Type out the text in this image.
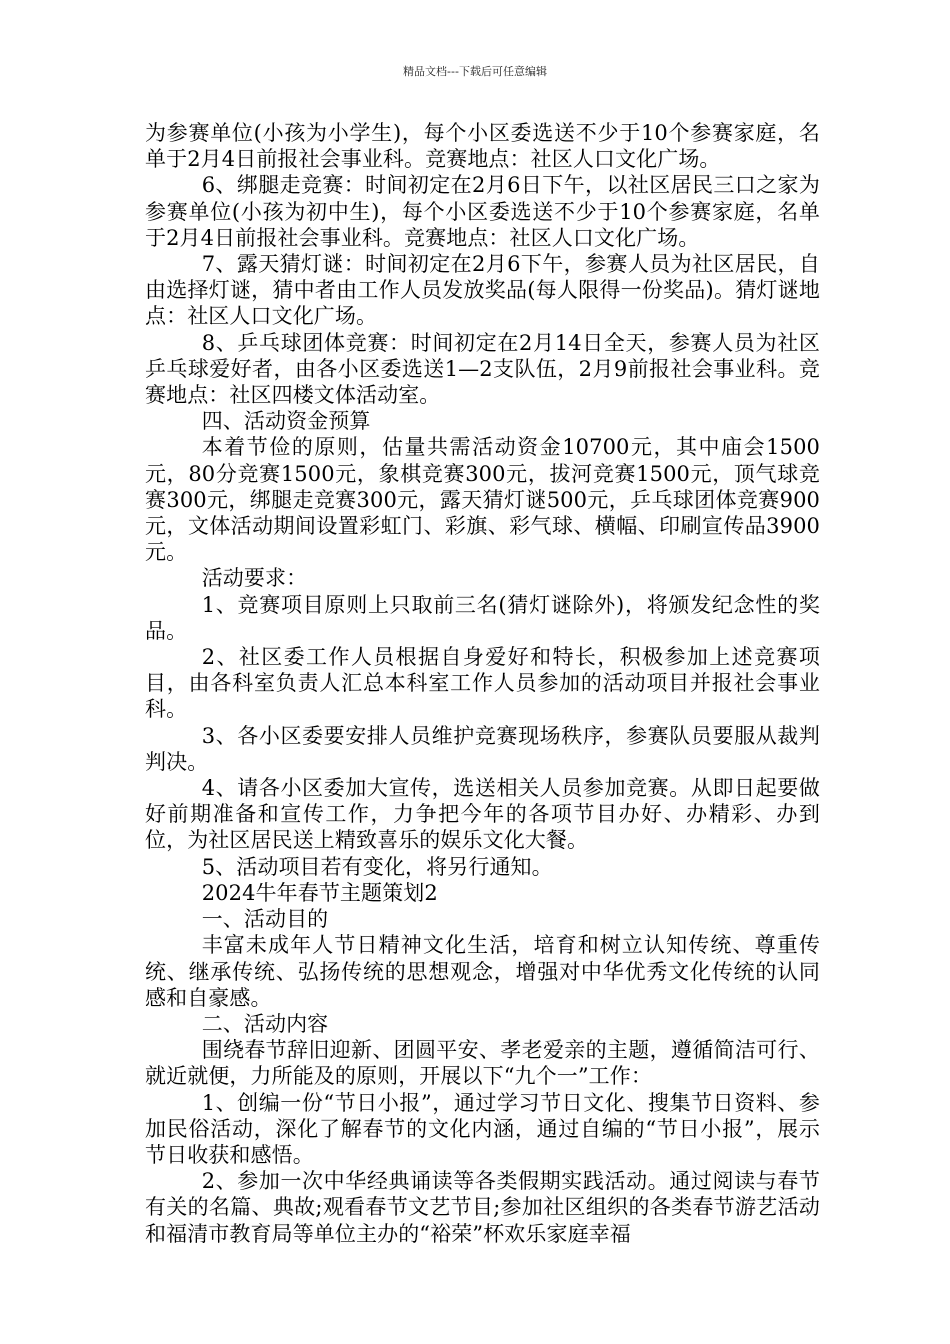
精品文档---下载后可任意编辑

为参赛单位(小孩为小学生)，每个小区委选送不少于10个参赛家庭，名单于2月4日前报社会事业科。竞赛地点：社区人口文化广场。

6、绑腿走竞赛：时间初定在2月6日下午，以社区居民三口之家为参赛单位(小孩为初中生)，每个小区委选送不少于10个参赛家庭，名单于2月4日前报社会事业科。竞赛地点：社区人口文化广场。

7、露天猜灯谜：时间初定在2月6下午，参赛人员为社区居民，自由选择灯谜，猜中者由工作人员发放奖品(每人限得一份奖品)。猜灯谜地点：社区人口文化广场。

8、乒乓球团体竞赛：时间初定在2月14日全天，参赛人员为社区乒乓球爱好者，由各小区委选送1—2支队伍，2月9前报社会事业科。竞赛地点：社区四楼文体活动室。

四、活动资金预算

本着节俭的原则，估量共需活动资金10700元，其中庙会1500元，80分竞赛1500元，象棋竞赛300元，拔河竞赛1500元，顶气球竞赛300元，绑腿走竞赛300元，露天猜灯谜500元，乒乓球团体竞赛900元，文体活动期间设置彩虹门、彩旗、彩气球、横幅、印刷宣传品3900元。

活动要求：

1、竞赛项目原则上只取前三名(猜灯谜除外)，将颁发纪念性的奖品。

2、社区委工作人员根据自身爱好和特长，积极参加上述竞赛项目，由各科室负责人汇总本科室工作人员参加的活动项目并报社会事业科。

3、各小区委要安排人员维护竞赛现场秩序，参赛队员要服从裁判判决。

4、请各小区委加大宣传，选送相关人员参加竞赛。从即日起要做好前期准备和宣传工作，力争把今年的各项节目办好、办精彩、办到位，为社区居民送上精致喜乐的娱乐文化大餐。

5、活动项目若有变化，将另行通知。

2024牛年春节主题策划2

一、活动目的

丰富未成年人节日精神文化生活，培育和树立认知传统、尊重传统、继承传统、弘扬传统的思想观念，增强对中华优秀文化传统的认同感和自豪感。

二、活动内容

围绕春节辞旧迎新、团圆平安、孝老爱亲的主题，遵循简洁可行、就近就便，力所能及的原则，开展以下“九个一”工作：

1、创编一份“节日小报”，通过学习节日文化、搜集节日资料、参加民俗活动，深化了解春节的文化内涵，通过自编的“节日小报”，展示节日收获和感悟。

2、参加一次中华经典诵读等各类假期实践活动。通过阅读与春节有关的名篇、典故;观看春节文艺节目;参加社区组织的各类春节游艺活动和福清市教育局等单位主办的“裕荣”杯欢乐家庭幸福
